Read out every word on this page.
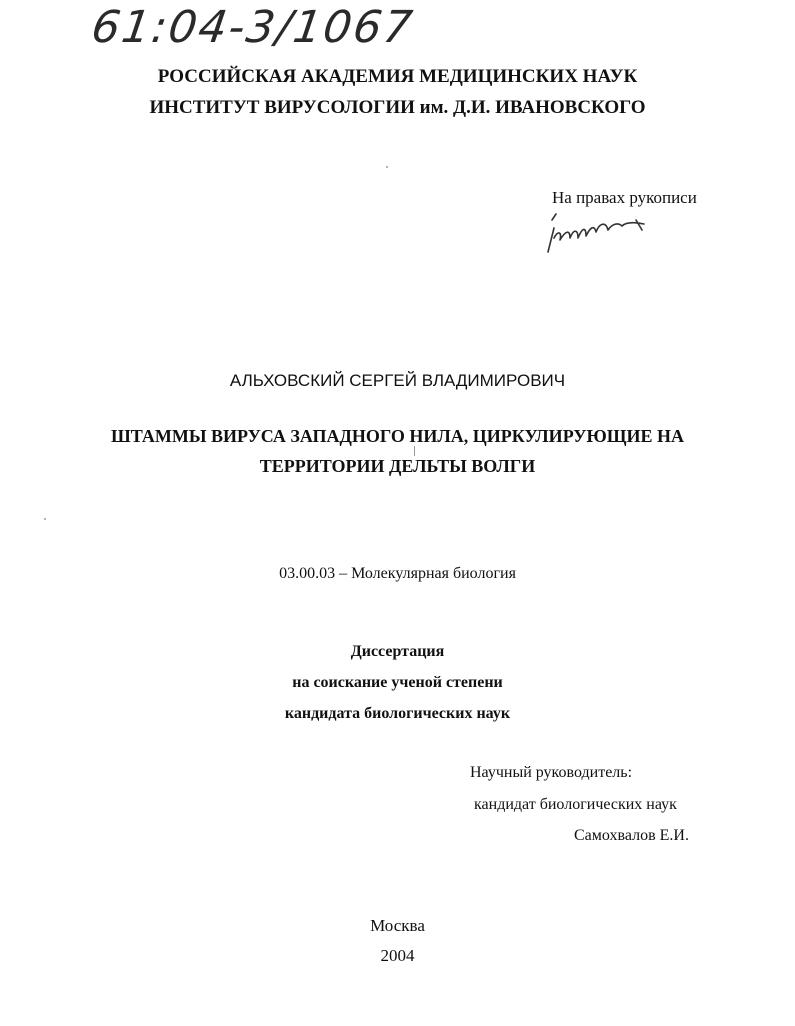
61:04-3/1067
РОССИЙСКАЯ АКАДЕМИЯ МЕДИЦИНСКИХ НАУК
ИНСТИТУТ ВИРУСОЛОГИИ им. Д.И. ИВАНОВСКОГО
На правах рукописи
АЛЬХОВСКИЙ СЕРГЕЙ ВЛАДИМИРОВИЧ
ШТАММЫ ВИРУСА ЗАПАДНОГО НИЛА, ЦИРКУЛИРУЮЩИЕ НА
ТЕРРИТОРИИ ДЕЛЬТЫ ВОЛГИ
03.00.03 – Молекулярная биология
Диссертация
на соискание ученой степени
кандидата биологических наук
Научный руководитель:
кандидат биологических наук
Самохвалов Е.И.
Москва
2004
